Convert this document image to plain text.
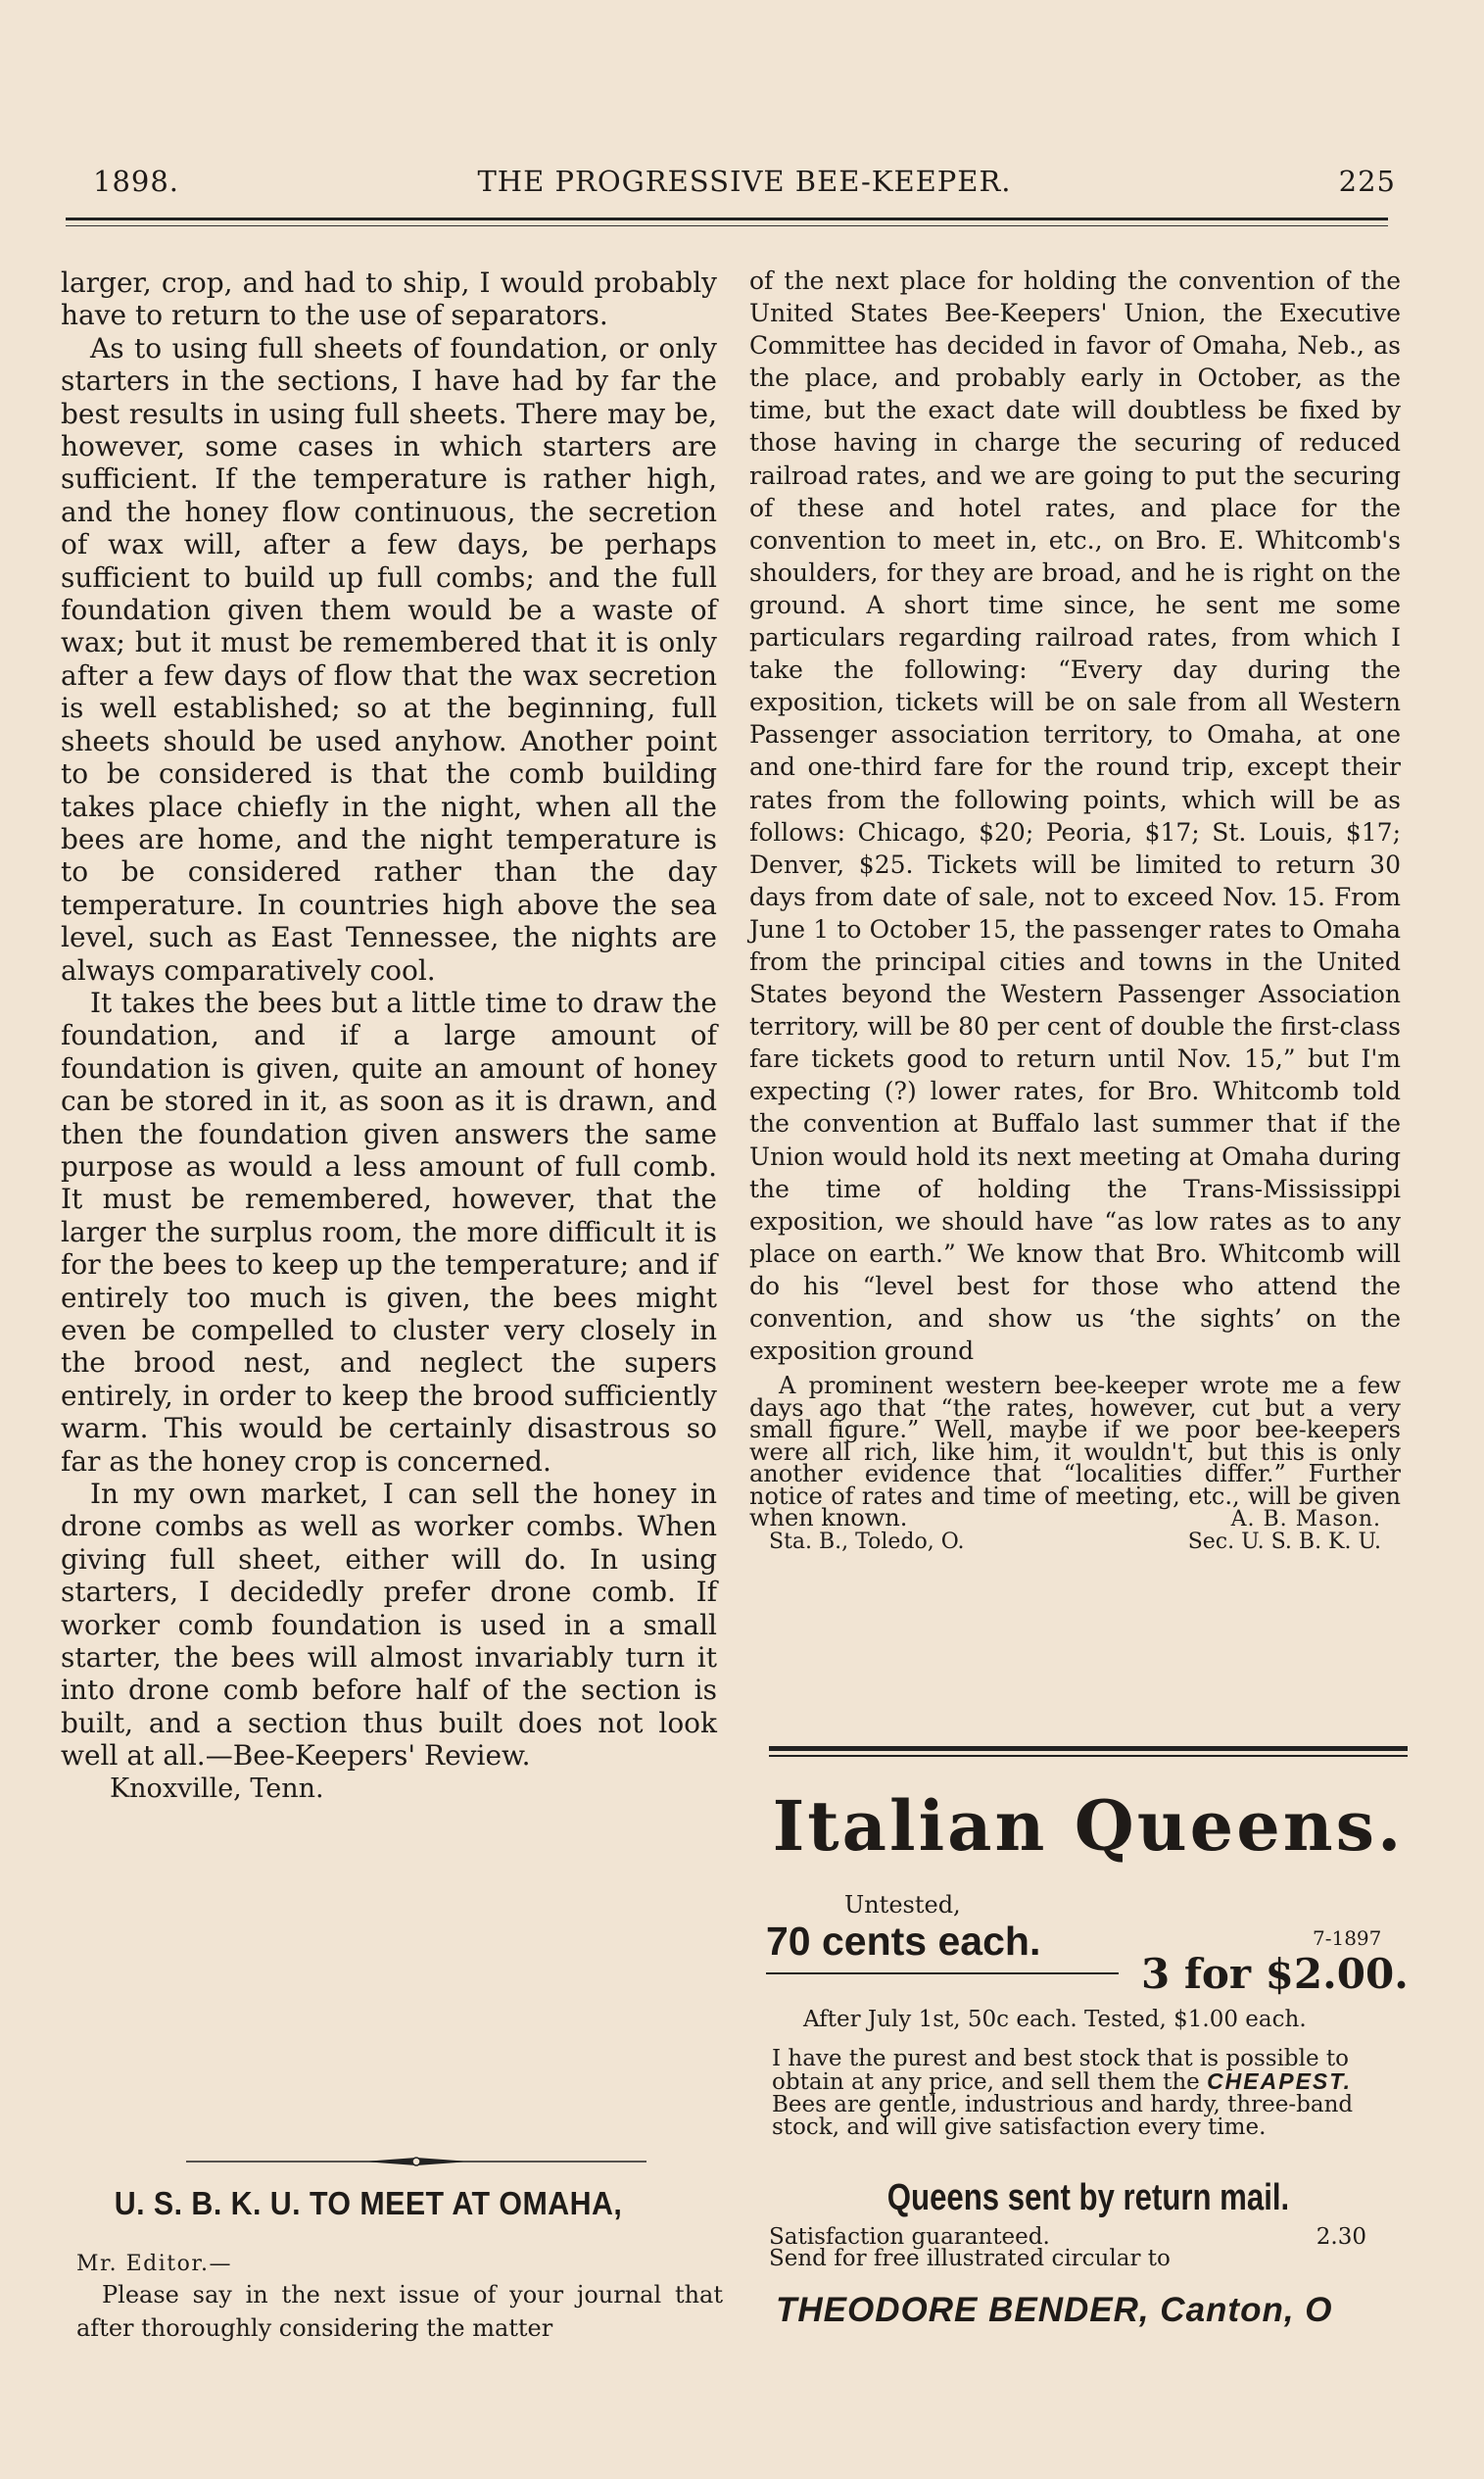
1898.	THE PROGRESSIVE BEE-KEEPER.	225

larger, crop, and had to ship, I would probably have to return to the use of separators.

As to using full sheets of foundation, or only starters in the sections, I have had by far the best results in using full sheets. There may be, however, some cases in which starters are sufficient. If the temperature is rather high, and the honey flow continuous, the secretion of wax will, after a few days, be perhaps sufficient to build up full combs; and the full foundation given them would be a waste of wax; but it must be remembered that it is only after a few days of flow that the wax secretion is well established; so at the beginning, full sheets should be used anyhow. Another point to be considered is that the comb building takes place chiefly in the night, when all the bees are home, and the night temperature is to be considered rather than the day temperature. In countries high above the sea level, such as East Tennessee, the nights are always comparatively cool.

It takes the bees but a little time to draw the foundation, and if a large amount of foundation is given, quite an amount of honey can be stored in it, as soon as it is drawn, and then the foundation given answers the same purpose as would a less amount of full comb. It must be remembered, however, that the larger the surplus room, the more difficult it is for the bees to keep up the temperature; and if entirely too much is given, the bees might even be compelled to cluster very closely in the brood nest, and neglect the supers entirely, in order to keep the brood sufficiently warm. This would be certainly disastrous so far as the honey crop is concerned.

In my own market, I can sell the honey in drone combs as well as worker combs. When giving full sheet, either will do. In using starters, I decidedly prefer drone comb. If worker comb foundation is used in a small starter, the bees will almost invariably turn it into drone comb before half of the section is built, and a section thus built does not look well at all.—Bee-Keepers' Review.

Knoxville, Tenn.

U. S. B. K. U. TO MEET AT OMAHA,
Mr. Editor.—
Please say in the next issue of your journal that after thoroughly considering the matter

of the next place for holding the convention of the United States Bee-Keepers' Union, the Executive Committee has decided in favor of Omaha, Neb., as the place, and probably early in October, as the time, but the exact date will doubtless be fixed by those having in charge the securing of reduced railroad rates, and we are going to put the securing of these and hotel rates, and place for the convention to meet in, etc., on Bro. E. Whitcomb's shoulders, for they are broad, and he is right on the ground. A short time since, he sent me some particulars regarding railroad rates, from which I take the following: “Every day during the exposition, tickets will be on sale from all Western Passenger association territory, to Omaha, at one and one-third fare for the round trip, except their rates from the following points, which will be as follows: Chicago, $20; Peoria, $17; St. Louis, $17; Denver, $25. Tickets will be limited to return 30 days from date of sale, not to exceed Nov. 15. From June 1 to October 15, the passenger rates to Omaha from the principal cities and towns in the United States beyond the Western Passenger Association territory, will be 80 per cent of double the first-class fare tickets good to return until Nov. 15,” but I'm expecting (?) lower rates, for Bro. Whitcomb told the convention at Buffalo last summer that if the Union would hold its next meeting at Omaha during the time of holding the Trans-Mississippi exposition, we should have “as low rates as to any place on earth.” We know that Bro. Whitcomb will do his “level best for those who attend the convention, and show us ‘the sights’ on the exposition ground

A prominent western bee-keeper wrote me a few days ago that “the rates, however, cut but a very small figure.” Well, maybe if we poor bee-keepers were all rich, like him, it wouldn't, but this is only another evidence that “localities differ.” Further notice of rates and time of meeting, etc., will be given when known.	A. B. Mason.
Sta. B., Toledo, O.	Sec. U. S. B. K. U.
Italian Queens.
Untested,
70 cents each.	7-1897
3 for $2.00.
After July 1st, 50c each. Tested, $1.00 each.
I have the purest and best stock that is possible to obtain at any price, and sell them the CHEAPEST. Bees are gentle, industrious and hardy, three-band stock, and will give satisfaction every time.
Queens sent by return mail.
Satisfaction guaranteed.	2.30
Send for free illustrated circular to
THEODORE BENDER, Canton, O
